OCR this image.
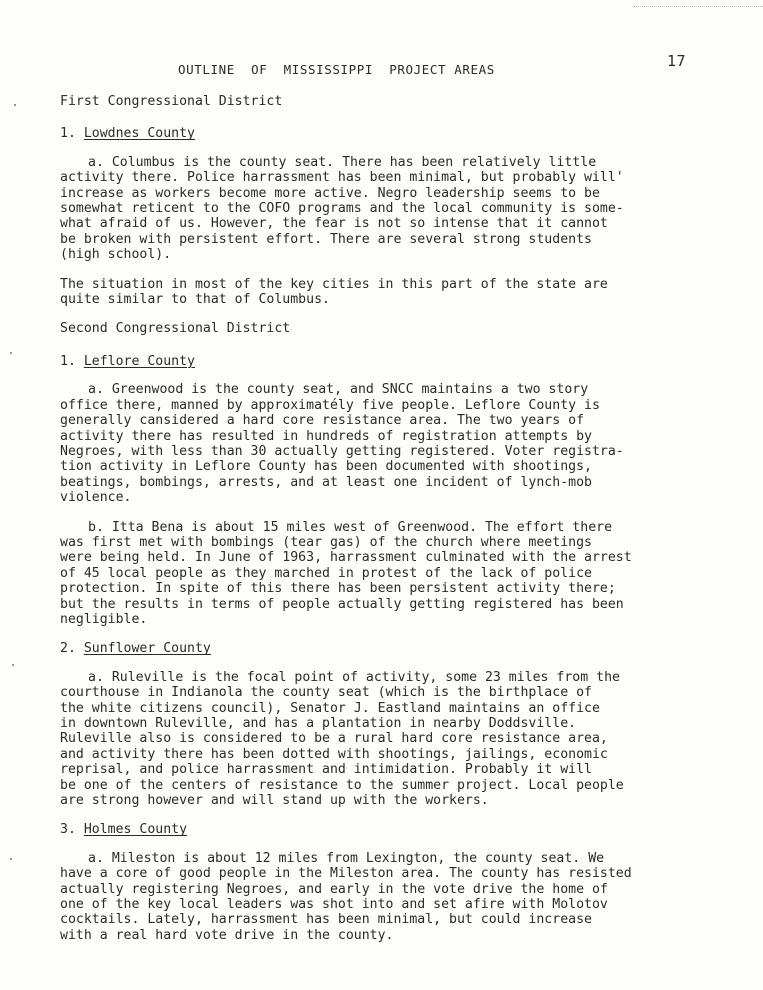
17
OUTLINE  OF  MISSISSIPPI  PROJECT AREAS
First Congressional District
1. Lowdnes County
a. Columbus is the county seat. There has been relatively little
activity there. Police harrassment has been minimal, but probably will'
increase as workers become more active. Negro leadership seems to be
somewhat reticent to the COFO programs and the local community is some-
what afraid of us. However, the fear is not so intense that it cannot
be broken with persistent effort. There are several strong students
(high school).
The situation in most of the key cities in this part of the state are
quite similar to that of Columbus.
Second Congressional District
1. Leflore County
a. Greenwood is the county seat, and SNCC maintains a two story
office there, manned by approximatély five people. Leflore County is
generally cansidered a hard core resistance area. The two years of
activity there has resulted in hundreds of registration attempts by
Negroes, with less than 30 actually getting registered. Voter registra-
tion activity in Leflore County has been documented with shootings,
beatings, bombings, arrests, and at least one incident of lynch-mob
violence.
b. Itta Bena is about 15 miles west of Greenwood. The effort there
was first met with bombings (tear gas) of the church where meetings
were being held. In June of 1963, harrassment culminated with the arrest
of 45 local people as they marched in protest of the lack of police
protection. In spite of this there has been persistent activity there;
but the results in terms of people actually getting registered has been
negligible.
2. Sunflower County
a. Ruleville is the focal point of activity, some 23 miles from the
courthouse in Indianola the county seat (which is the birthplace of
the white citizens council), Senator J. Eastland maintains an office
in downtown Ruleville, and has a plantation in nearby Doddsville.
Ruleville also is considered to be a rural hard core resistance area,
and activity there has been dotted with shootings, jailings, economic
reprisal, and police harrassment and intimidation. Probably it will
be one of the centers of resistance to the summer project. Local people
are strong however and will stand up with the workers.
3. Holmes County
a. Mileston is about 12 miles from Lexington, the county seat. We
have a core of good people in the Mileston area. The county has resisted
actually registering Negroes, and early in the vote drive the home of
one of the key local leaders was shot into and set afire with Molotov
cocktails. Lately, harrassment has been minimal, but could increase
with a real hard vote drive in the county.
